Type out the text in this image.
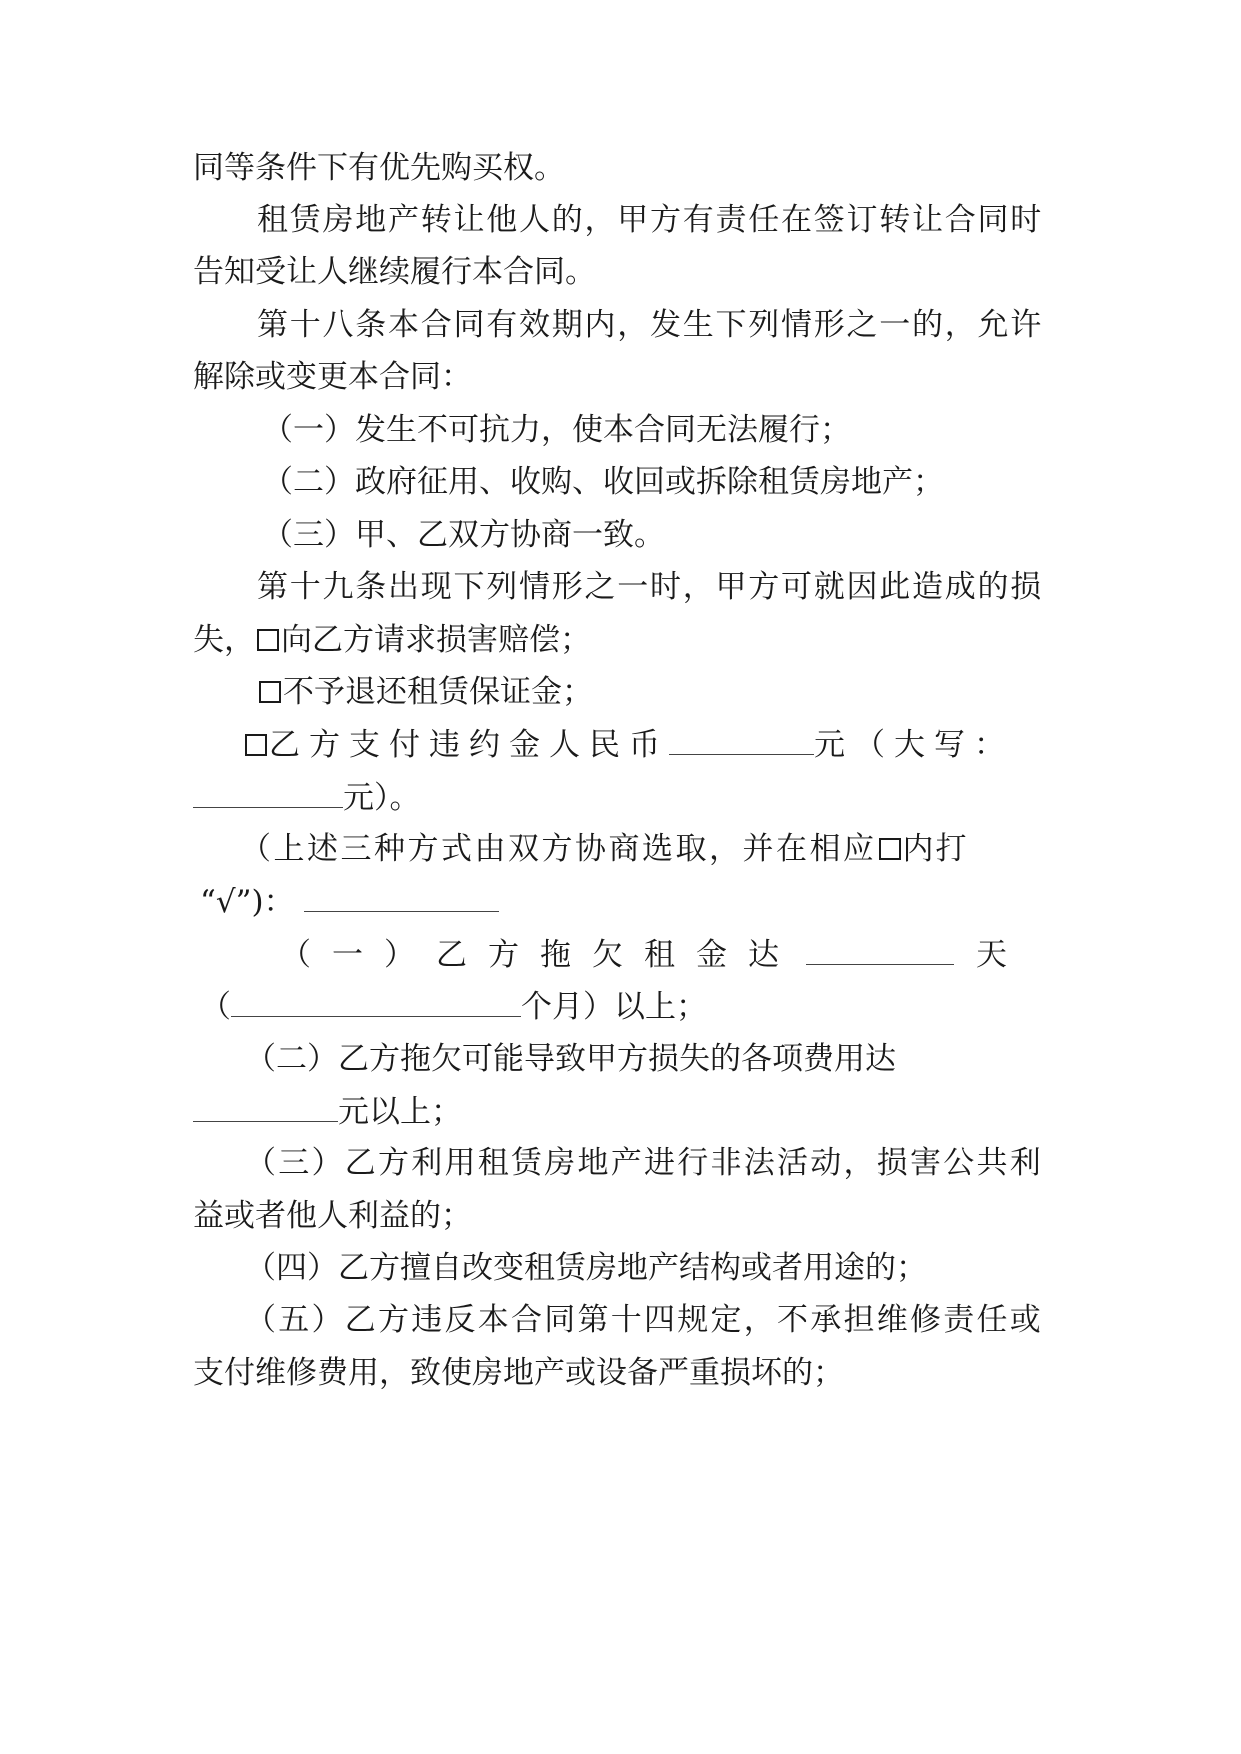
同等条件下有优先购买权。
租赁房地产转让他人的，甲方有责任在签订转让合同时
告知受让人继续履行本合同。
第十八条本合同有效期内，发生下列情形之一的，允许
解除或变更本合同：
（一）发生不可抗力，使本合同无法履行；
（二）政府征用、收购、收回或拆除租赁房地产；
（三）甲、乙双方协商一致。
第十九条出现下列情形之一时，甲方可就因此造成的损
失， 向乙方请求损害赔偿；
不予退还租赁保证金；
乙方支付违约金人民币	元（大写：
元）。
（上述三种方式由双方协商选取，并在相应 内打
“√”)：
（一）乙方拖欠租金达	天
（	个月）以上；
（二）乙方拖欠可能导致甲方损失的各项费用达
元以上；
（三）乙方利用租赁房地产进行非法活动，损害公共利
益或者他人利益的；
（四）乙方擅自改变租赁房地产结构或者用途的；
（五）乙方违反本合同第十四规定，不承担维修责任或
支付维修费用，致使房地产或设备严重损坏的；
